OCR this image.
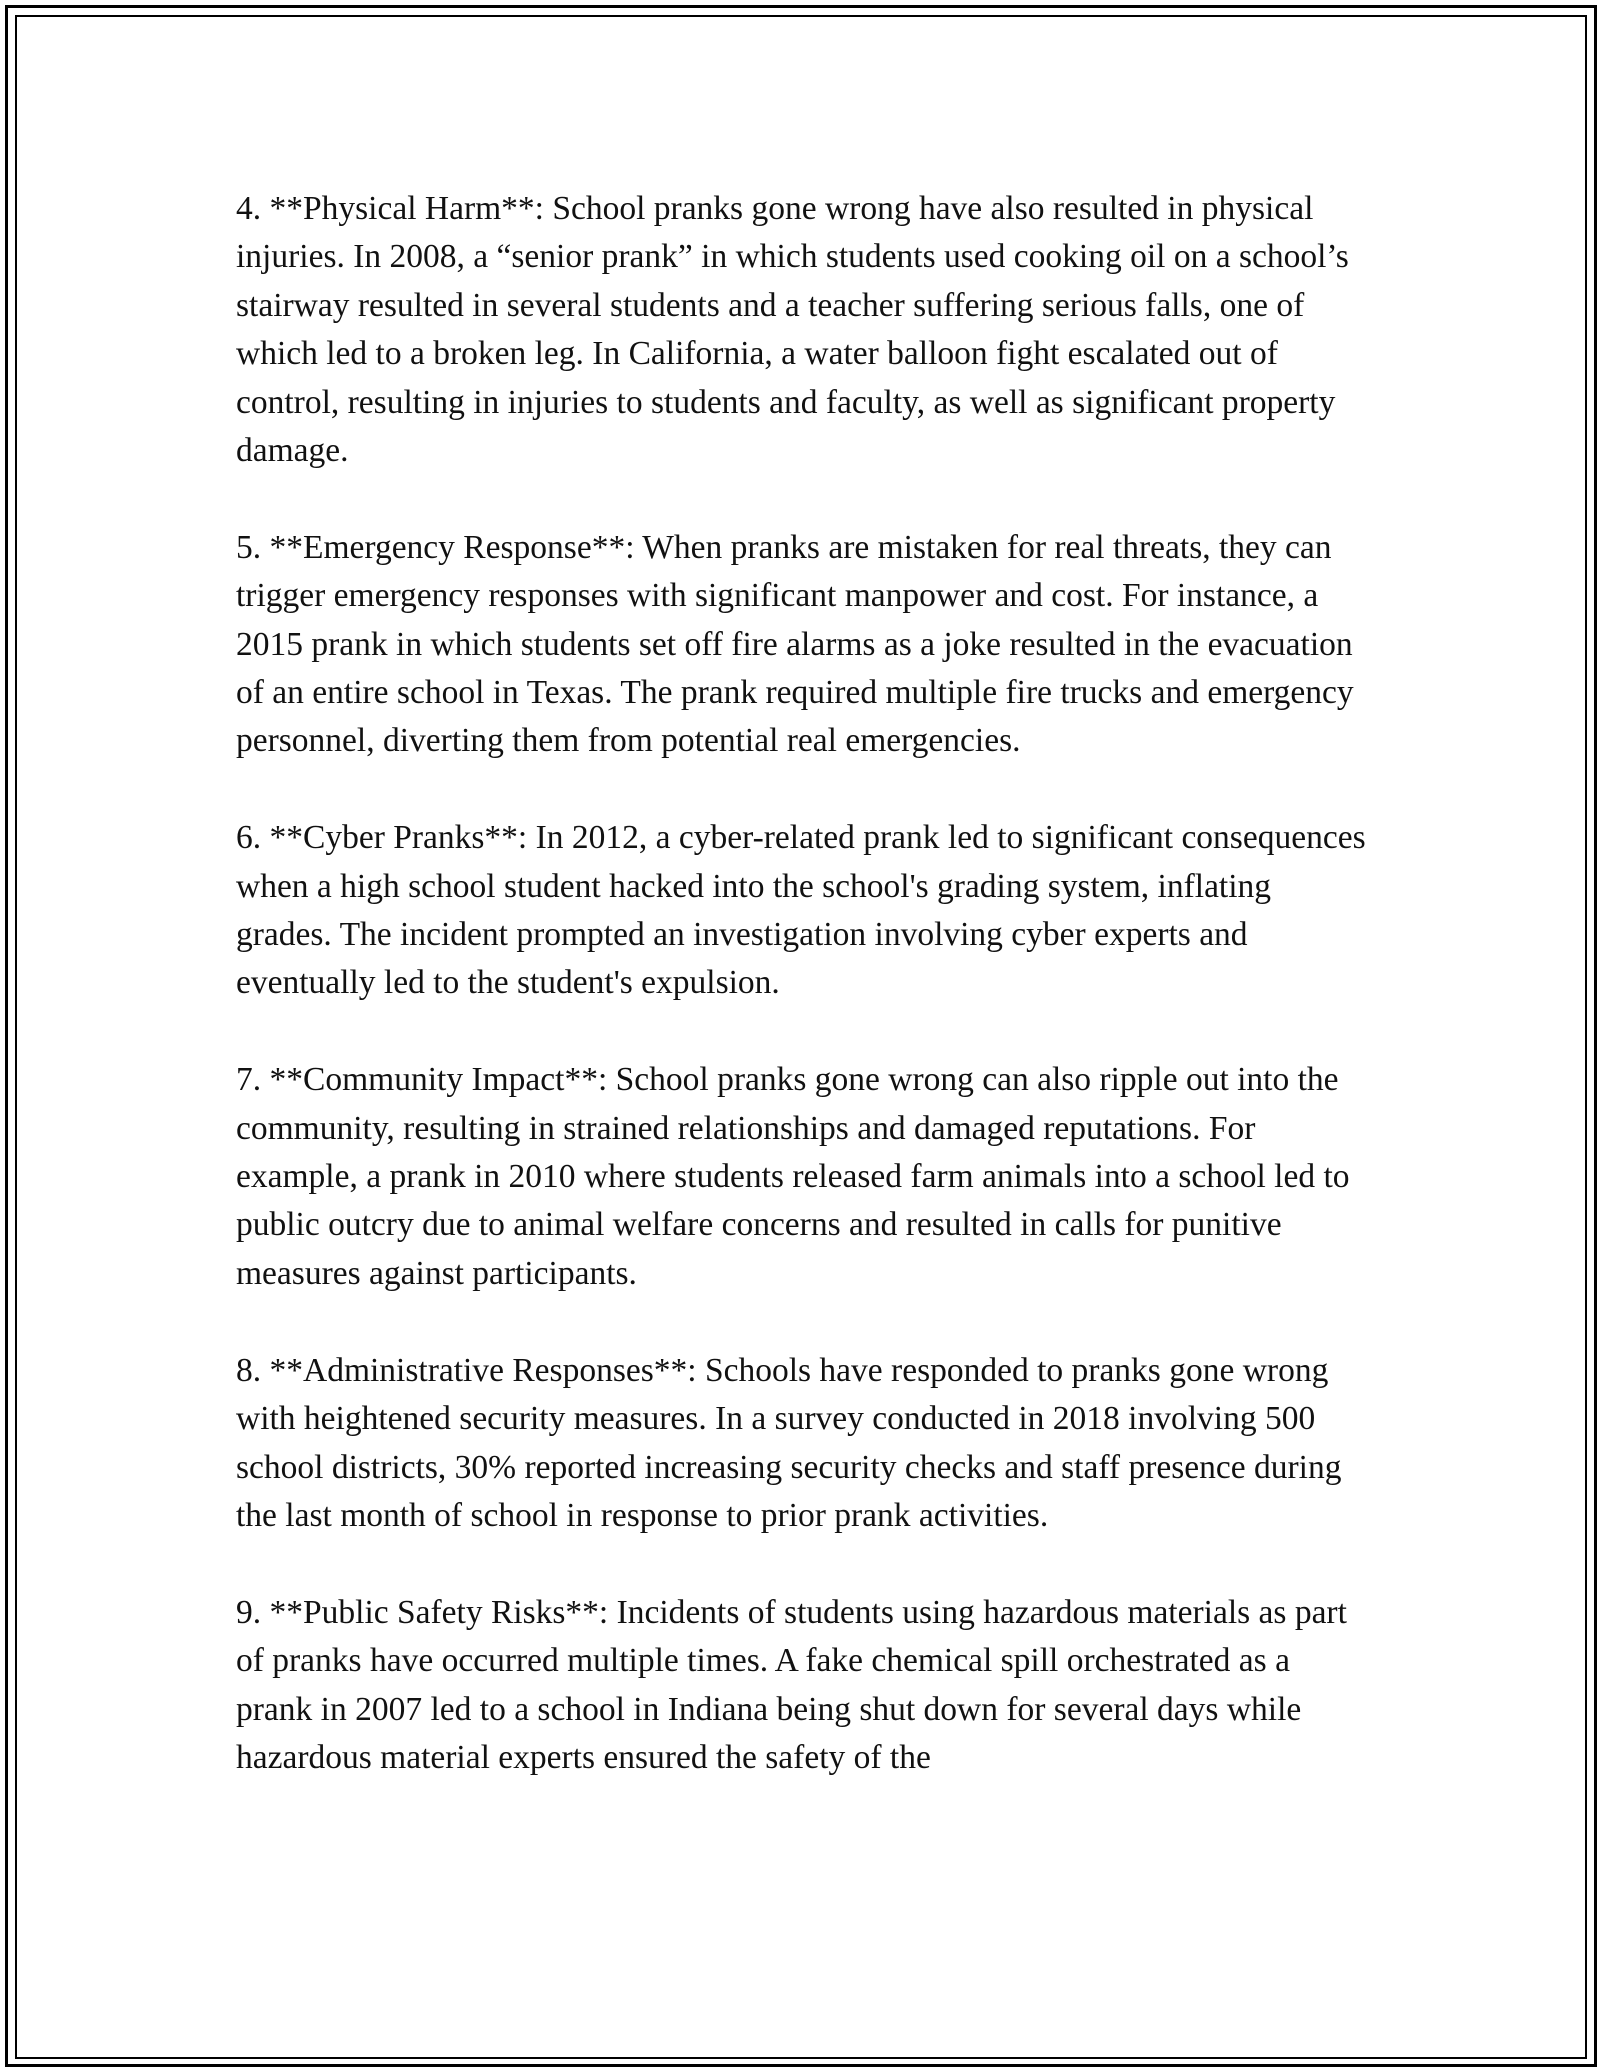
4. **Physical Harm**: School pranks gone wrong have also resulted in physical injuries. In 2008, a “senior prank” in which students used cooking oil on a school’s stairway resulted in several students and a teacher suffering serious falls, one of which led to a broken leg. In California, a water balloon fight escalated out of control, resulting in injuries to students and faculty, as well as significant property damage.

5. **Emergency Response**: When pranks are mistaken for real threats, they can trigger emergency responses with significant manpower and cost. For instance, a 2015 prank in which students set off fire alarms as a joke resulted in the evacuation of an entire school in Texas. The prank required multiple fire trucks and emergency personnel, diverting them from potential real emergencies.

6. **Cyber Pranks**: In 2012, a cyber-related prank led to significant consequences when a high school student hacked into the school's grading system, inflating grades. The incident prompted an investigation involving cyber experts and eventually led to the student's expulsion.

7. **Community Impact**: School pranks gone wrong can also ripple out into the community, resulting in strained relationships and damaged reputations. For example, a prank in 2010 where students released farm animals into a school led to public outcry due to animal welfare concerns and resulted in calls for punitive measures against participants.

8. **Administrative Responses**: Schools have responded to pranks gone wrong with heightened security measures. In a survey conducted in 2018 involving 500 school districts, 30% reported increasing security checks and staff presence during the last month of school in response to prior prank activities.

9. **Public Safety Risks**: Incidents of students using hazardous materials as part of pranks have occurred multiple times. A fake chemical spill orchestrated as a prank in 2007 led to a school in Indiana being shut down for several days while hazardous material experts ensured the safety of the
